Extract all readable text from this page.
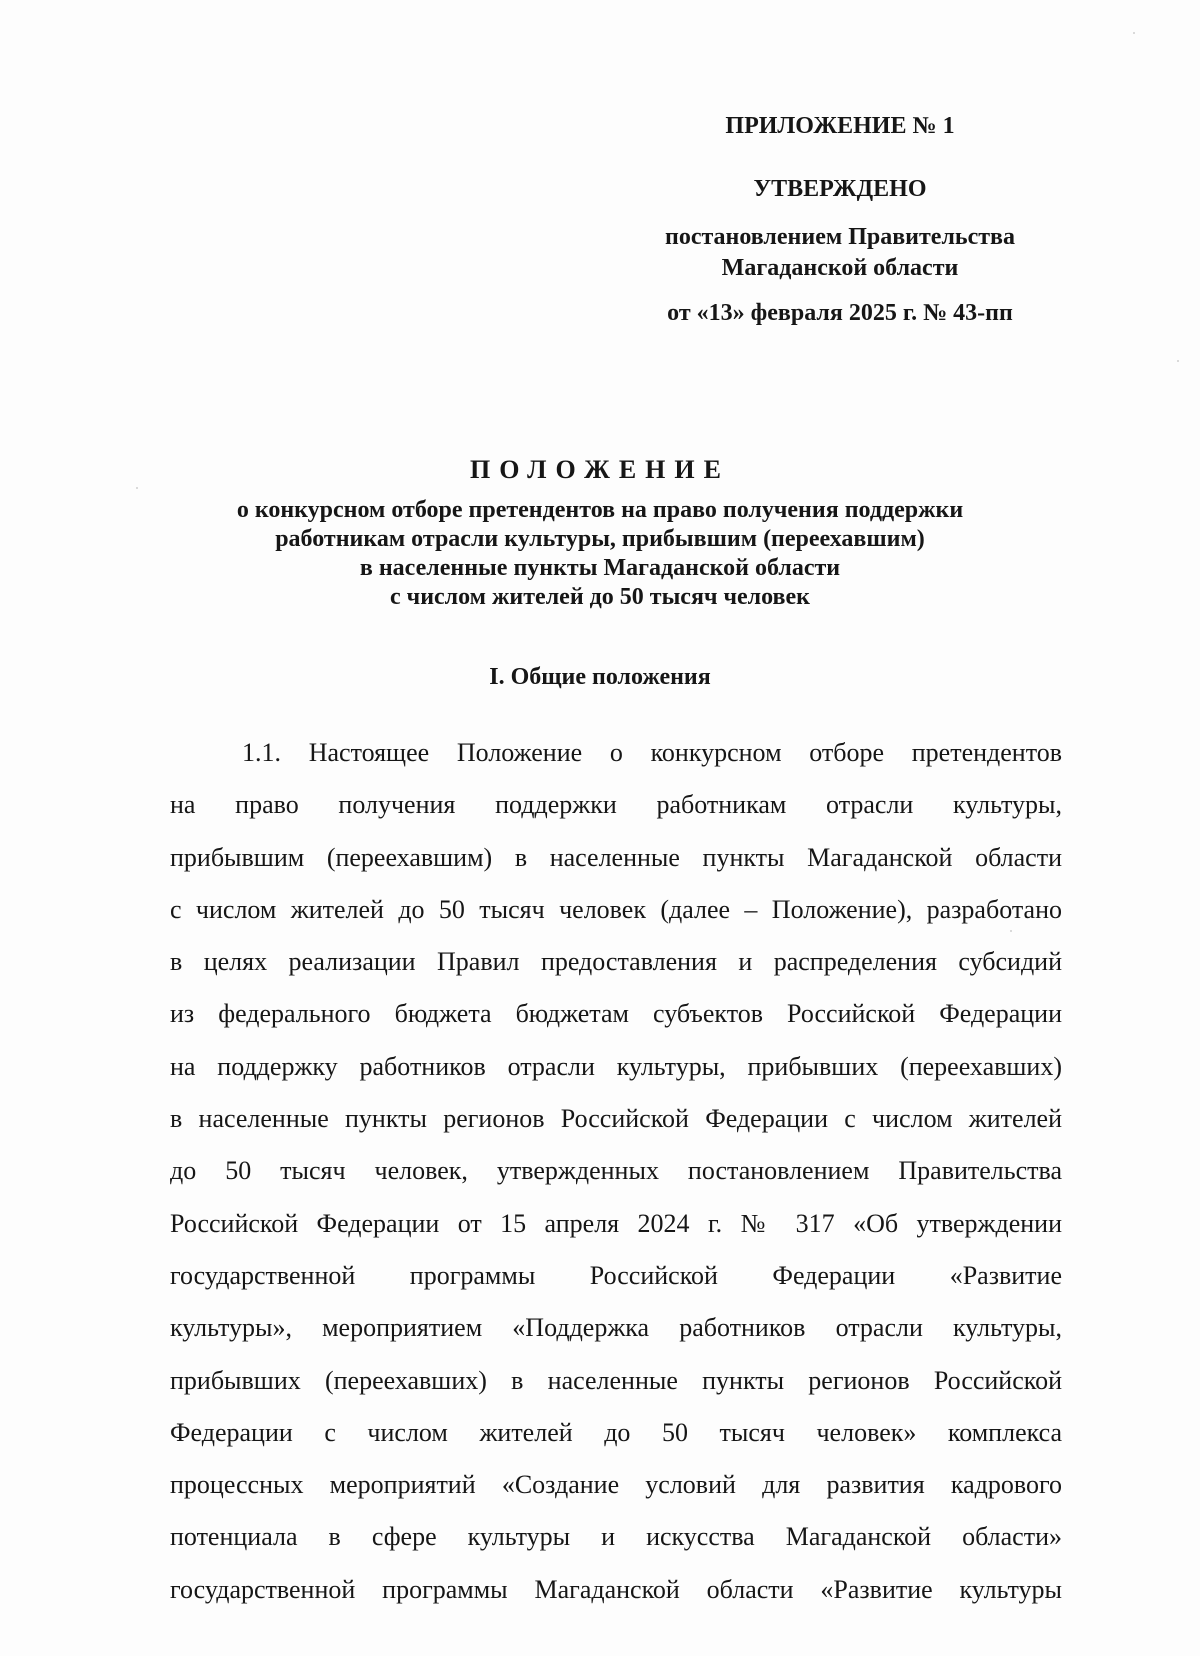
ПРИЛОЖЕНИЕ № 1
УТВЕРЖДЕНО
постановлением Правительства
Магаданской области
от «13» февраля 2025 г. № 43-пп
ПОЛОЖЕНИЕ
о конкурсном отборе претендентов на право получения поддержки
работникам отрасли культуры, прибывшим (переехавшим)
в населенные пункты Магаданской области
с числом жителей до 50 тысяч человек
I. Общие положения
1.1. Настоящее Положение о конкурсном отборе претендентов
на право получения поддержки работникам отрасли культуры,
прибывшим (переехавшим) в населенные пункты Магаданской области
с числом жителей до 50 тысяч человек (далее – Положение), разработано
в целях реализации Правил предоставления и распределения субсидий
из федерального бюджета бюджетам субъектов Российской Федерации
на поддержку работников отрасли культуры, прибывших (переехавших)
в населенные пункты регионов Российской Федерации с числом жителей
до 50 тысяч человек, утвержденных постановлением Правительства
Российской Федерации от 15 апреля 2024 г. № 317 «Об утверждении
государственной программы Российской Федерации «Развитие
культуры», мероприятием «Поддержка работников отрасли культуры,
прибывших (переехавших) в населенные пункты регионов Российской
Федерации с числом жителей до 50 тысяч человек» комплекса
процессных мероприятий «Создание условий для развития кадрового
потенциала в сфере культуры и искусства Магаданской области»
государственной программы Магаданской области «Развитие культуры
